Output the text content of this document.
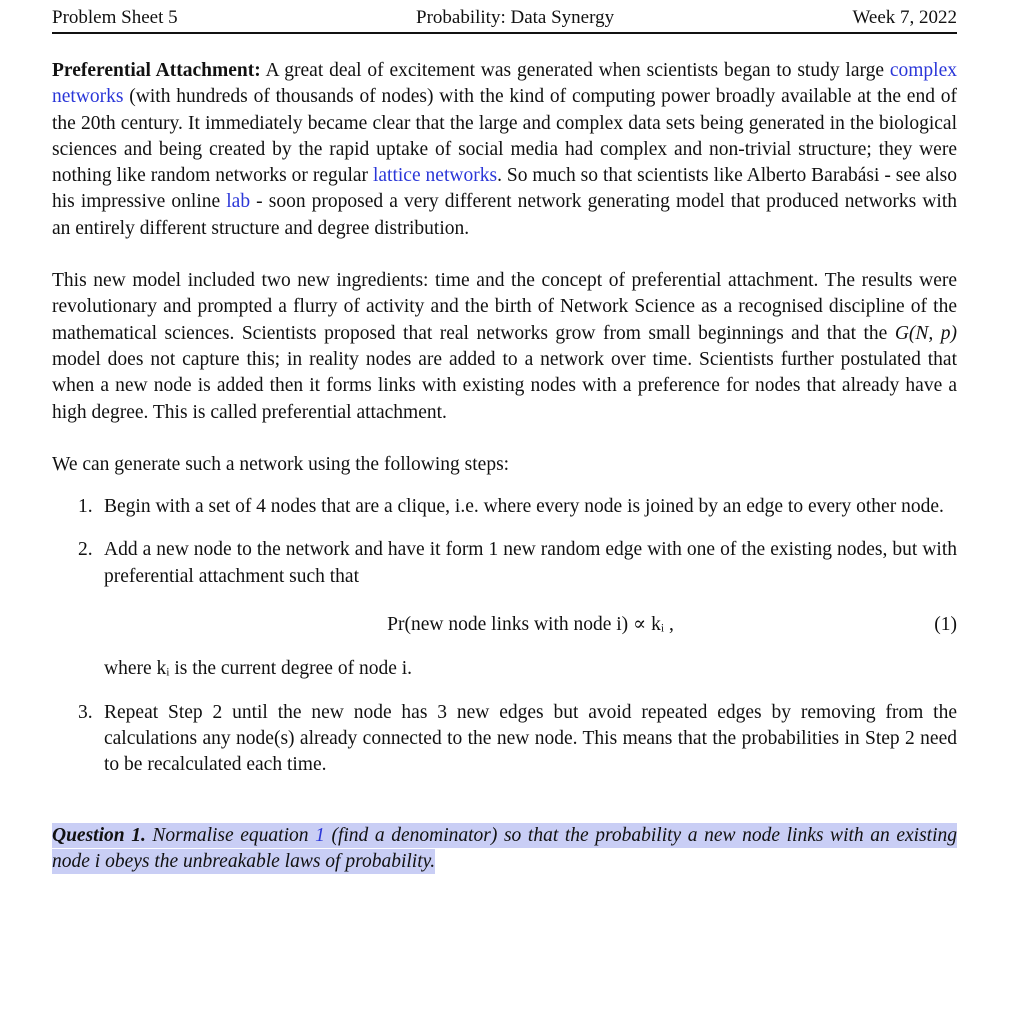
Problem Sheet 5	Probability: Data Synergy	Week 7, 2022

Preferential Attachment: A great deal of excitement was generated when scientists began to study large complex networks (with hundreds of thousands of nodes) with the kind of computing power broadly available at the end of the 20th century. It immediately became clear that the large and complex data sets being generated in the biological sciences and being created by the rapid uptake of social media had complex and non-trivial structure; they were nothing like random networks or regular lattice networks. So much so that scientists like Alberto Barabási - see also his impressive online lab - soon proposed a very different network generating model that produced networks with an entirely different structure and degree distribution.

This new model included two new ingredients: time and the concept of preferential attachment. The results were revolutionary and prompted a flurry of activity and the birth of Network Science as a recognised discipline of the mathematical sciences. Scientists proposed that real networks grow from small beginnings and that the G(N, p) model does not capture this; in reality nodes are added to a network over time. Scientists further postulated that when a new node is added then it forms links with existing nodes with a preference for nodes that already have a high degree. This is called preferential attachment.

We can generate such a network using the following steps:

1. Begin with a set of 4 nodes that are a clique, i.e. where every node is joined by an edge to every other node.
2. Add a new node to the network and have it form 1 new random edge with one of the existing nodes, but with preferential attachment such that
Pr(new node links with node i) ∝ kᵢ ,	(1)
where kᵢ is the current degree of node i.
3. Repeat Step 2 until the new node has 3 new edges but avoid repeated edges by removing from the calculations any node(s) already connected to the new node. This means that the probabilities in Step 2 need to be recalculated each time.
Question 1. Normalise equation 1 (find a denominator) so that the probability a new node links with an existing node i obeys the unbreakable laws of probability.
